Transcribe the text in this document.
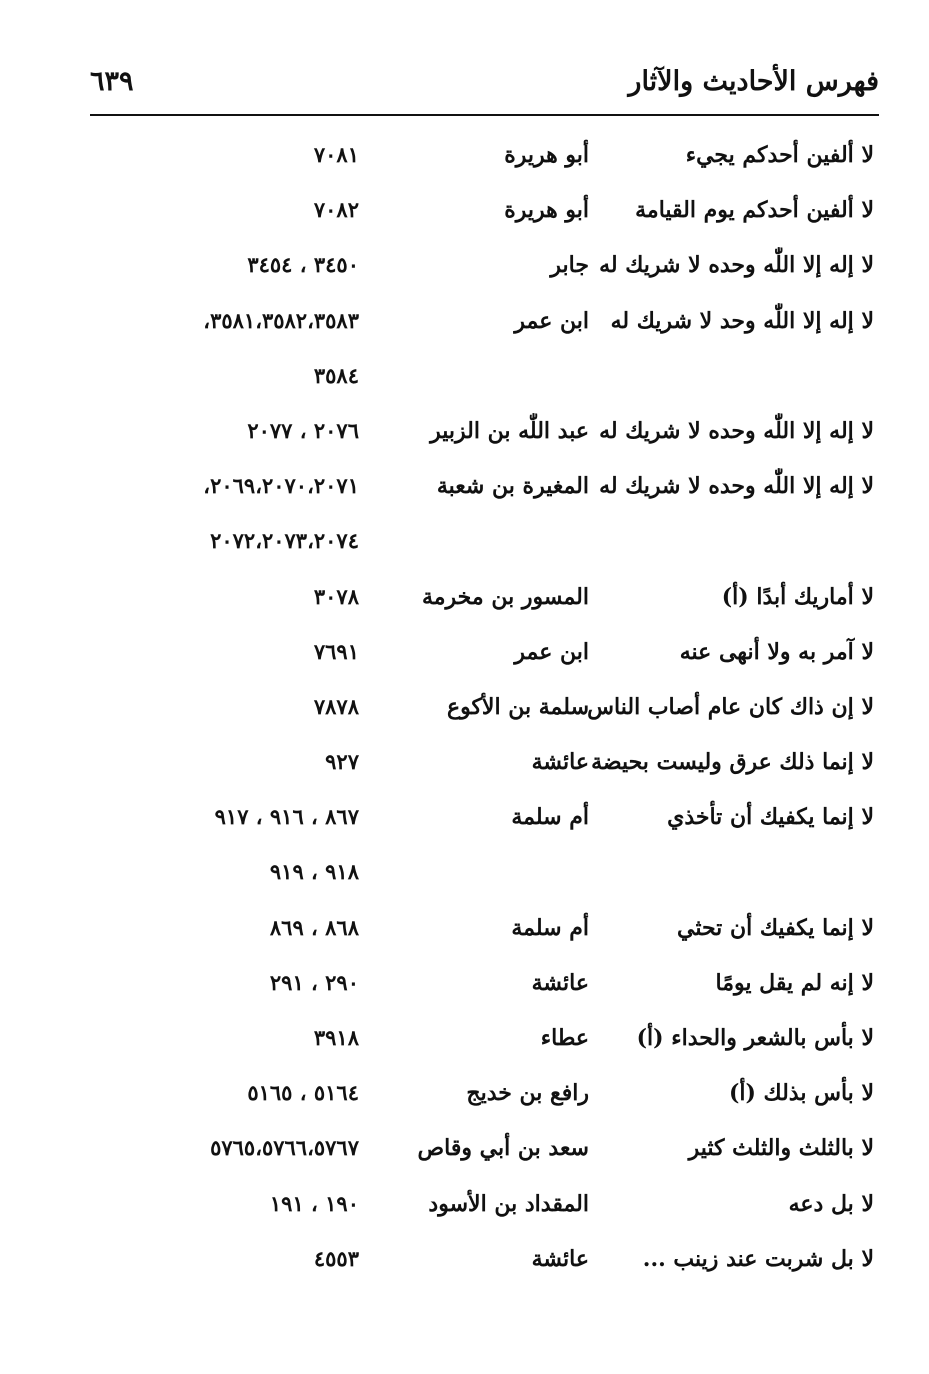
فهرس الأحاديث والآثار
٦٣٩
لا ألفين أحدكم يجيء
أبو هريرة
٧٠٨١
لا ألفين أحدكم يوم القيامة
أبو هريرة
٧٠٨٢
لا إله إلا اللّٰه وحده لا شريك له
جابر
٣٤٥٠ ، ٣٤٥٤
لا إله إلا اللّٰه وحد لا شريك له
ابن عمر
٣٥٨١،٣٥٨٢،٣٥٨٣،
٣٥٨٤
لا إله إلا اللّٰه وحده لا شريك له
عبد اللّٰه بن الزبير
٢٠٧٦ ، ٢٠٧٧
لا إله إلا اللّٰه وحده لا شريك له
المغيرة بن شعبة
٢٠٦٩،٢٠٧٠،٢٠٧١،
٢٠٧٢،٢٠٧٣،٢٠٧٤
لا أماريك أبدًا (أ)
المسور بن مخرمة
٣٠٧٨
لا آمر به ولا أنهى عنه
ابن عمر
٧٦٩١
لا إن ذاك كان عام أصاب الناس
سلمة بن الأكوع
٧٨٧٨
لا إنما ذلك عرق وليست بحيضة
عائشة
٩٢٧
لا إنما يكفيك أن تأخذي
أم سلمة
٨٦٧ ، ٩١٦ ، ٩١٧
٩١٨ ، ٩١٩
لا إنما يكفيك أن تحثي
أم سلمة
٨٦٨ ، ٨٦٩
لا إنه لم يقل يومًا
عائشة
٢٩٠ ، ٢٩١
لا بأس بالشعر والحداء (أ)
عطاء
٣٩١٨
لا بأس بذلك (أ)
رافع بن خديج
٥١٦٤ ، ٥١٦٥
لا بالثلث والثلث كثير
سعد بن أبي وقاص
٥٧٦٥،٥٧٦٦،٥٧٦٧
لا بل دعه
المقداد بن الأسود
١٩٠ ، ١٩١
لا بل شربت عند زينب ...
عائشة
٤٥٥٣
